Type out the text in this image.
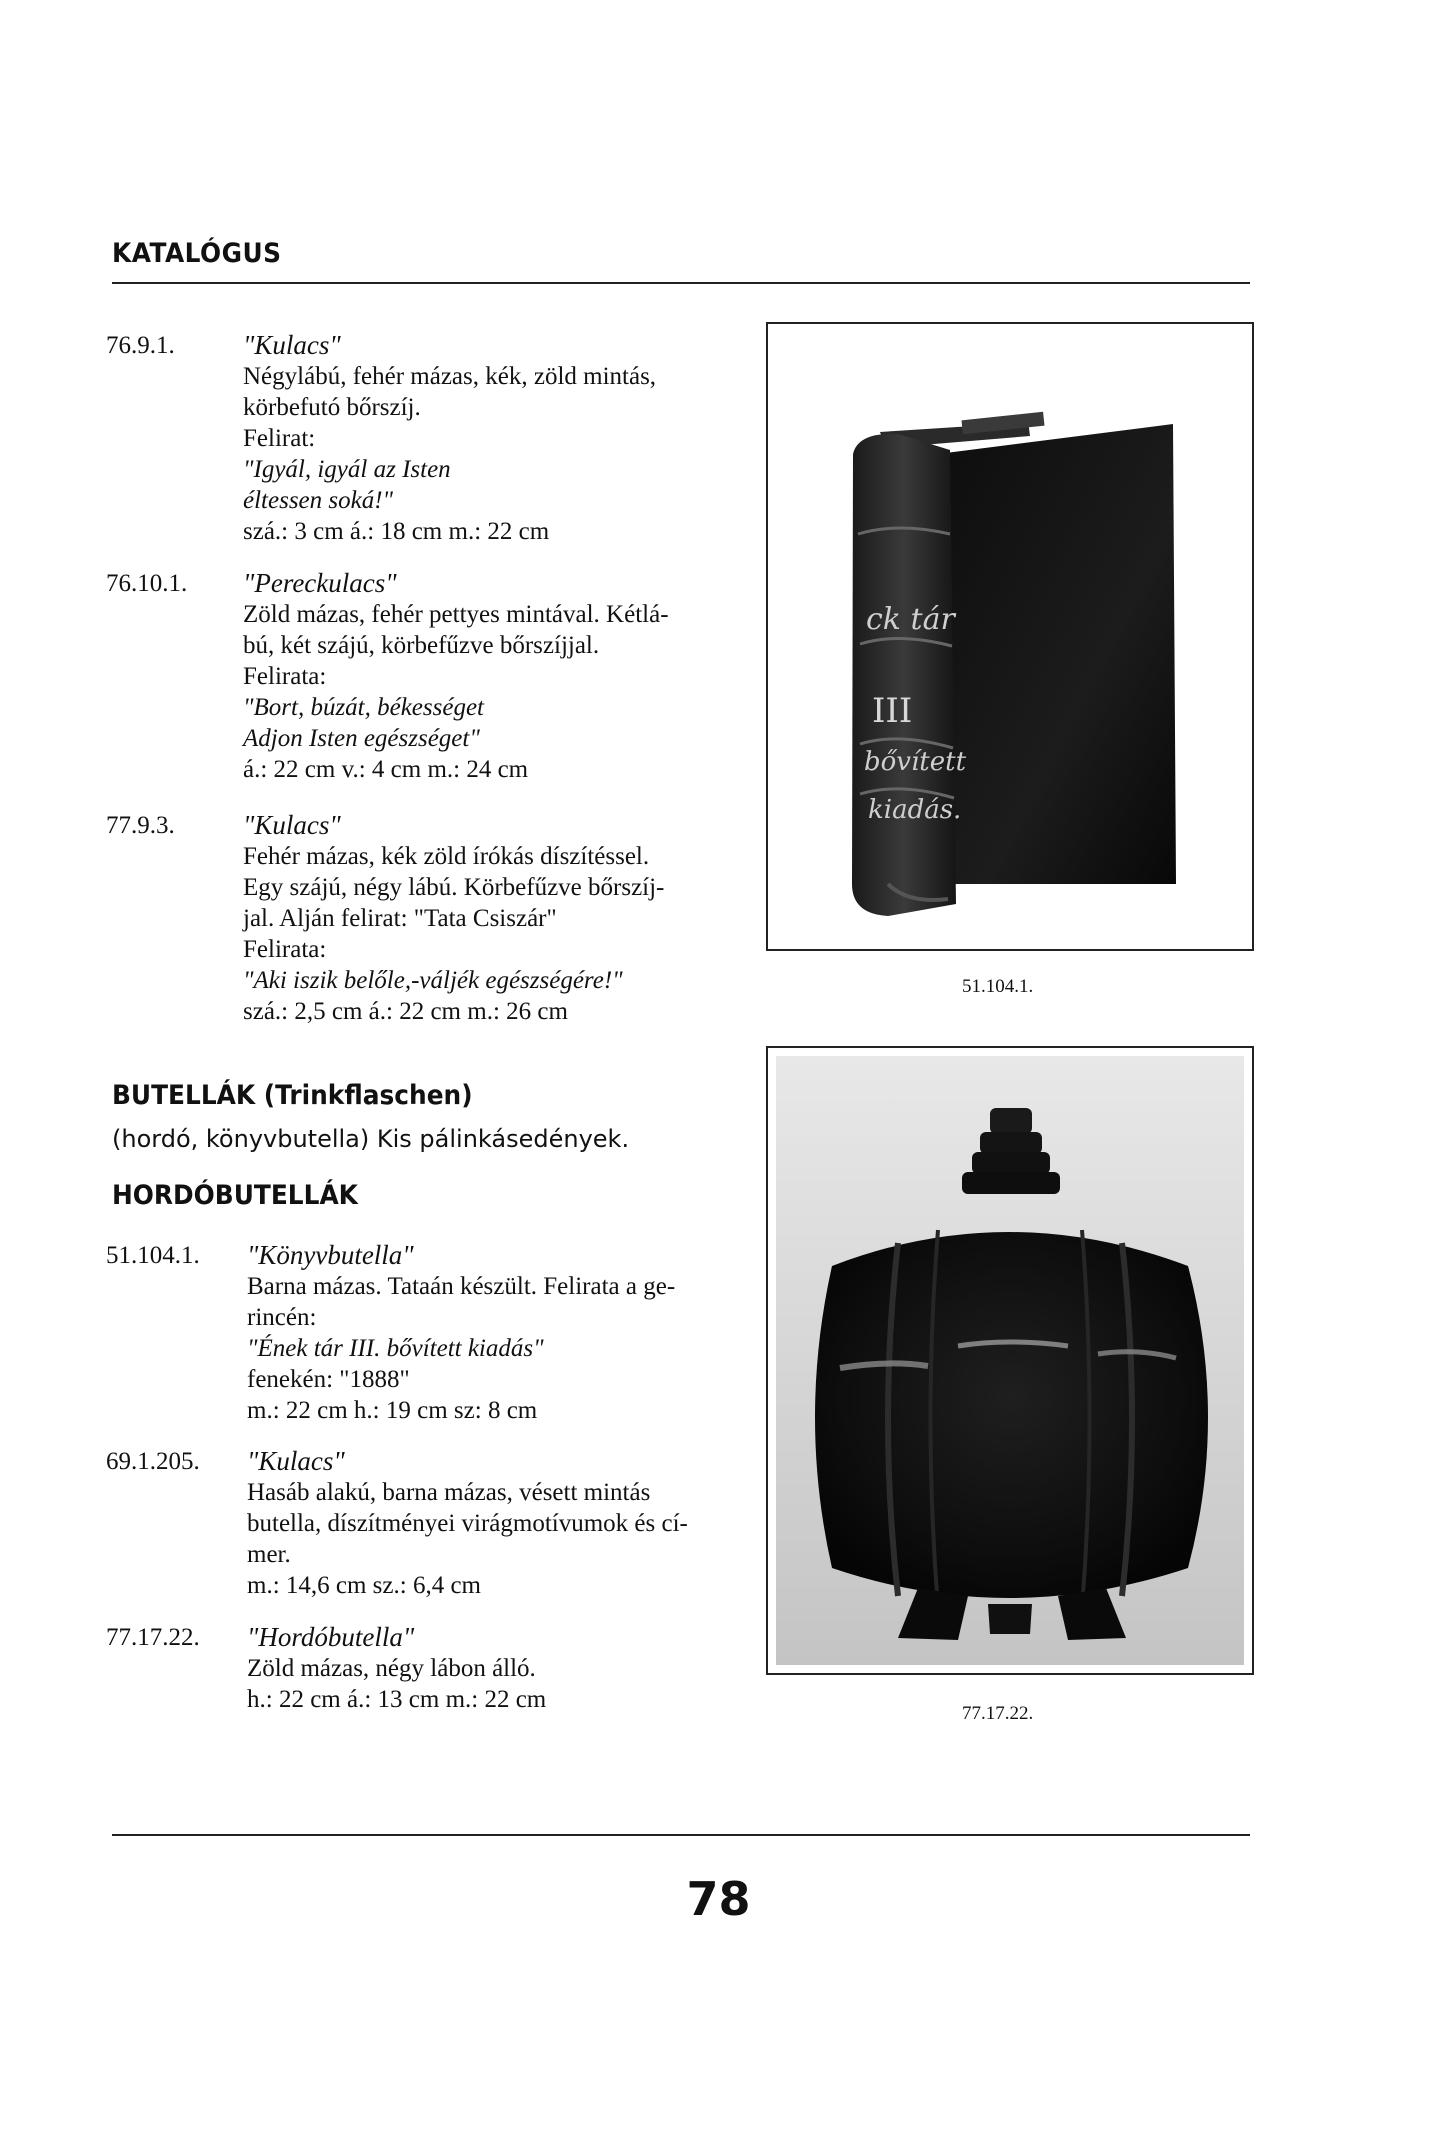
KATALÓGUS
76.9.1.	"Kulacs"
Négylábú, fehér mázas, kék, zöld mintás,
körbefutó bőrszíj.
Felirat:
"Igyál, igyál az Isten
éltessen soká!"
szá.: 3 cm á.: 18 cm m.: 22 cm
76.10.1. "Pereckulacs"
Zöld mázas, fehér pettyes mintával. Kétlá-
bú, két szájú, körbefűzve bőrszíjjal.
Felirata:
"Bort, búzát, békességet
Adjon Isten egészséget"
á.: 22 cm v.: 4 cm m.: 24 cm
77.9.3.	"Kulacs"
Fehér mázas, kék zöld írókás díszítéssel.
Egy szájú, négy lábú. Körbefűzve bőrszíj-
jal. Alján felirat: "Tata Csiszár"
Felirata:
"Aki iszik belőle,-váljék egészségére!"
szá.: 2,5 cm á.: 22 cm m.: 26 cm
BUTELLÁK (Trinkflaschen)
(hordó, könyvbutella) Kis pálinkásedények.
HORDÓBUTELLÁK
51.104.1. "Könyvbutella"
Barna mázas. Tataán készült. Felirata a ge-
rincén:
"Ének tár III. bővített kiadás"
fenekén: "1888"
m.: 22 cm h.: 19 cm sz: 8 cm
69.1.205. "Kulacs"
Hasáb alakú, barna mázas, vésett mintás
butella, díszítményei virágmotívumok és cí-
mer.
m.: 14,6 cm sz.: 6,4 cm
77.17.22. "Hordóbutella"
Zöld mázas, négy lábon álló.
h.: 22 cm á.: 13 cm m.: 22 cm
ck tár
III
bővített
kiadás.
51.104.1.
77.17.22.
78
